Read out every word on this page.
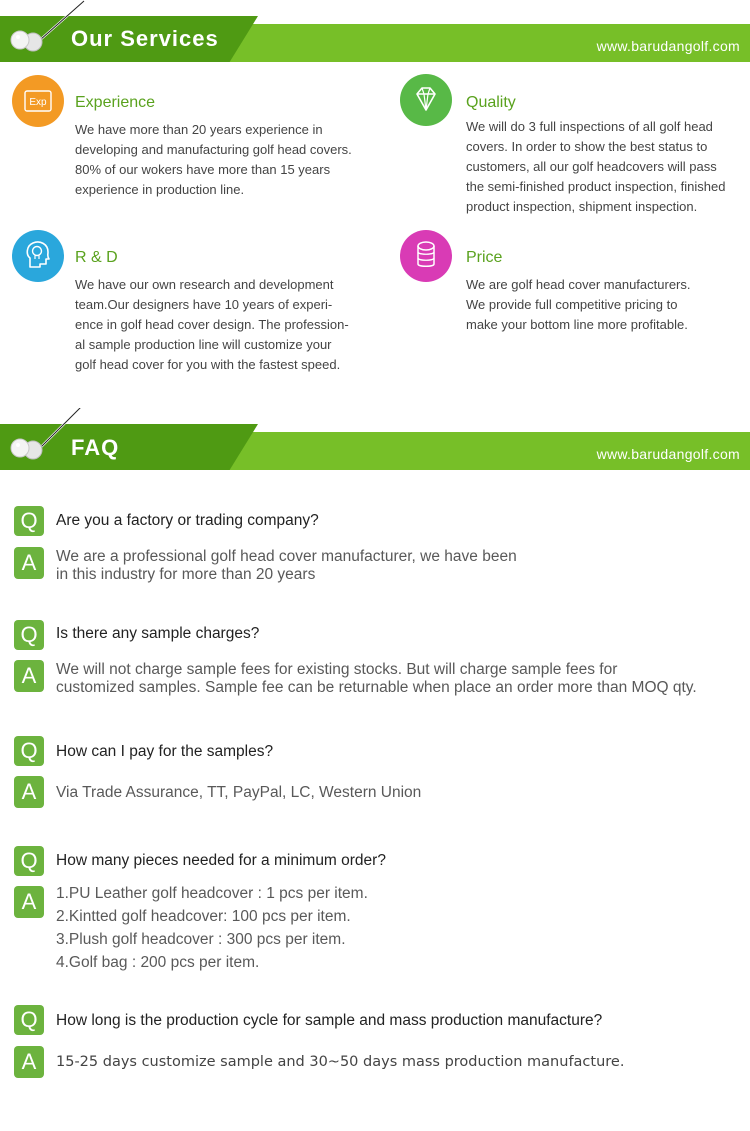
Our Services	www.barudangolf.com
Exp Experience

We have more than 20 years experience in
developing and manufacturing golf head covers.
80% of our wokers have more than 15 years
experience in production line.

Quality

We will do 3 full inspections of all golf head
covers. In order to show the best status to
customers, all our golf headcovers will pass
the semi-finished product inspection, finished
product inspection, shipment inspection.

R & D

We have our own research and development
team.Our designers have 10 years of experi-
ence in golf head cover design. The profession-
al sample production line will customize your
golf head cover for you with the fastest speed.

Price

We are golf head cover manufacturers.
We provide full competitive pricing to
make your bottom line more profitable.

FAQ	www.barudangolf.com
Q	Are you a factory or trading company?
A	We are a professional golf head cover manufacturer, we have been
in this industry for more than 20 years
Q	Is there any sample charges?
A	We will not charge sample fees for existing stocks. But will charge sample fees for
customized samples. Sample fee can be returnable when place an order more than MOQ qty.
Q	How can I pay for the samples?
A	Via Trade Assurance, TT, PayPal, LC, Western Union
Q	How many pieces needed for a minimum order?
A	1.PU Leather golf headcover : 1 pcs per item.
2.Kintted golf headcover: 100 pcs per item.
3.Plush golf headcover : 300 pcs per item.
4.Golf bag : 200 pcs per item.
Q	How long is the production cycle for sample and mass production manufacture?
A	15-25 days customize sample and 30~50 days mass production manufacture.
